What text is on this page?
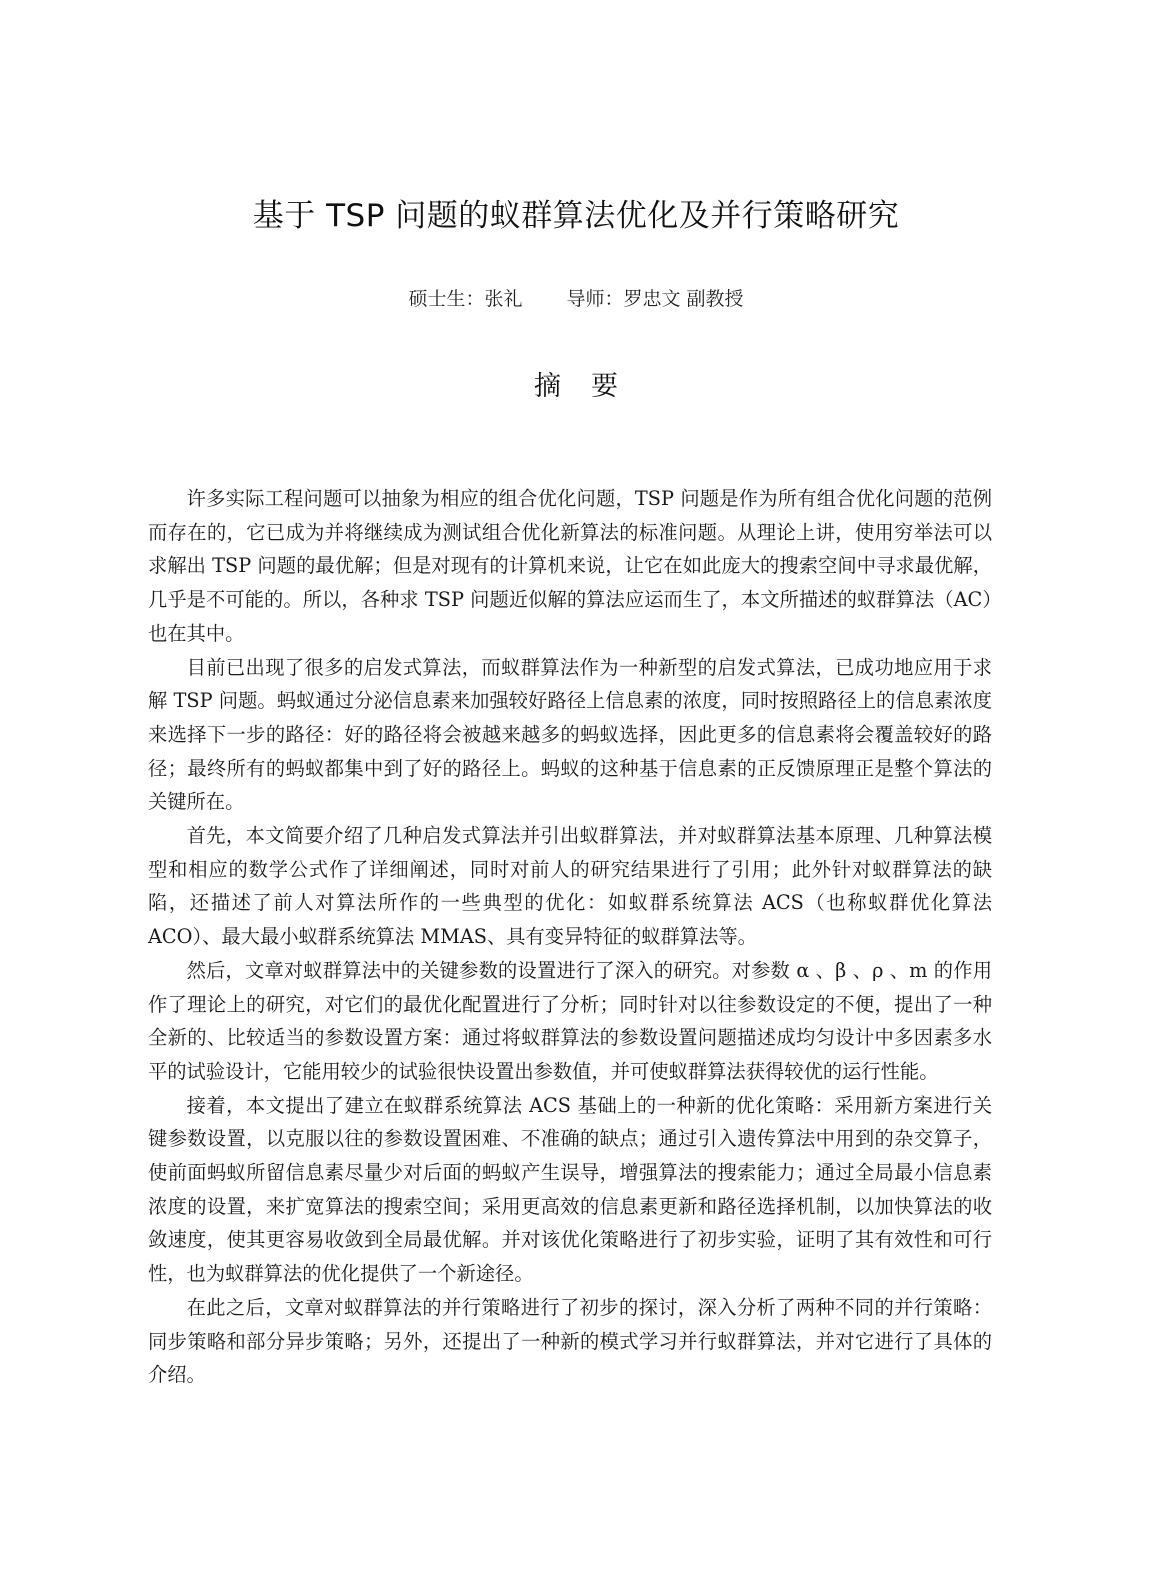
基于 TSP 问题的蚁群算法优化及并行策略研究
硕士生：张礼 导师：罗忠文 副教授
摘要

许多实际工程问题可以抽象为相应的组合优化问题，TSP 问题是作为所有组合优化问题的范例而存在的，它已成为并将继续成为测试组合优化新算法的标准问题。从理论上讲，使用穷举法可以求解出 TSP 问题的最优解；但是对现有的计算机来说，让它在如此庞大的搜索空间中寻求最优解，几乎是不可能的。所以，各种求 TSP 问题近似解的算法应运而生了，本文所描述的蚁群算法（AC）也在其中。

目前已出现了很多的启发式算法，而蚁群算法作为一种新型的启发式算法，已成功地应用于求解 TSP 问题。蚂蚁通过分泌信息素来加强较好路径上信息素的浓度，同时按照路径上的信息素浓度来选择下一步的路径：好的路径将会被越来越多的蚂蚁选择，因此更多的信息素将会覆盖较好的路径；最终所有的蚂蚁都集中到了好的路径上。蚂蚁的这种基于信息素的正反馈原理正是整个算法的关键所在。

首先，本文简要介绍了几种启发式算法并引出蚁群算法，并对蚁群算法基本原理、几种算法模型和相应的数学公式作了详细阐述，同时对前人的研究结果进行了引用；此外针对蚁群算法的缺陷，还描述了前人对算法所作的一些典型的优化：如蚁群系统算法 ACS（也称蚁群优化算法 ACO）、最大最小蚁群系统算法 MMAS、具有变异特征的蚁群算法等。

然后，文章对蚁群算法中的关键参数的设置进行了深入的研究。对参数 α 、β 、ρ 、m 的作用作了理论上的研究，对它们的最优化配置进行了分析；同时针对以往参数设定的不便，提出了一种全新的、比较适当的参数设置方案：通过将蚁群算法的参数设置问题描述成均匀设计中多因素多水平的试验设计，它能用较少的试验很快设置出参数值，并可使蚁群算法获得较优的运行性能。

接着，本文提出了建立在蚁群系统算法 ACS 基础上的一种新的优化策略：采用新方案进行关键参数设置，以克服以往的参数设置困难、不准确的缺点；通过引入遗传算法中用到的杂交算子，使前面蚂蚁所留信息素尽量少对后面的蚂蚁产生误导，增强算法的搜索能力；通过全局最小信息素浓度的设置，来扩宽算法的搜索空间；采用更高效的信息素更新和路径选择机制，以加快算法的收敛速度，使其更容易收敛到全局最优解。并对该优化策略进行了初步实验，证明了其有效性和可行性，也为蚁群算法的优化提供了一个新途径。

在此之后，文章对蚁群算法的并行策略进行了初步的探讨，深入分析了两种不同的并行策略：同步策略和部分异步策略；另外，还提出了一种新的模式学习并行蚁群算法，并对它进行了具体的介绍。
